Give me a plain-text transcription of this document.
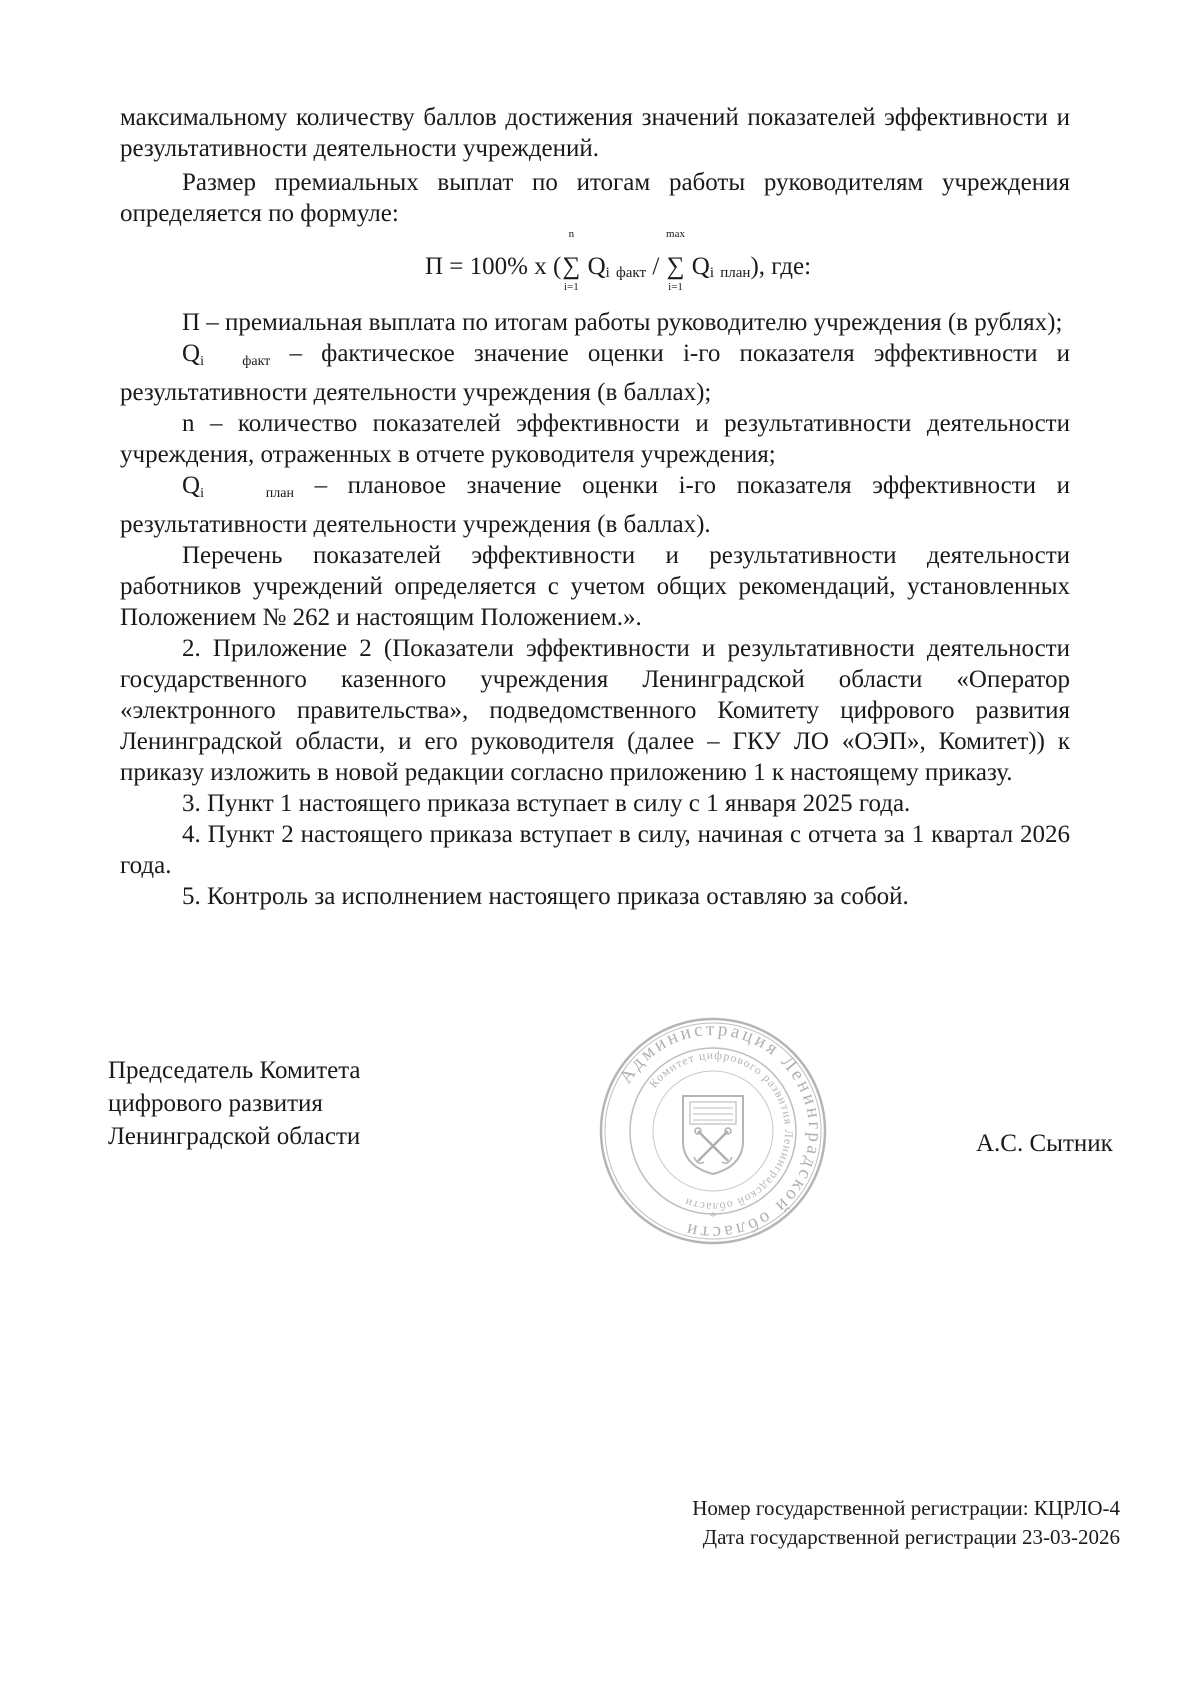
максимальному количеству баллов достижения значений показателей эффективности и результативности деятельности учреждений.

Размер премиальных выплат по итогам работы руководителям учреждения определяется по формуле:

П = 100% x (
n
∑
i=1
Qi факт /
max
∑
i=1
Qi план), где:

П – премиальная выплата по итогам работы руководителю учреждения (в рублях);

Qi	факт – фактическое значение оценки i-го показателя эффективности и результативности деятельности учреждения (в баллах);

n – количество показателей эффективности и результативности деятельности учреждения, отраженных в отчете руководителя учреждения;

Qi	план – плановое значение оценки i-го показателя эффективности и результативности деятельности учреждения (в баллах).

Перечень показателей эффективности и результативности деятельности работников учреждений определяется с учетом общих рекомендаций, установленных Положением № 262 и настоящим Положением.».

2. Приложение 2 (Показатели эффективности и результативности деятельности государственного казенного учреждения Ленинградской области «Оператор «электронного правительства», подведомственного Комитету цифрового развития Ленинградской области, и его руководителя (далее – ГКУ ЛО «ОЭП», Комитет)) к приказу изложить в новой редакции согласно приложению 1 к настоящему приказу.

3. Пункт 1 настоящего приказа вступает в силу с 1 января 2025 года.

4. Пункт 2 настоящего приказа вступает в силу, начиная с отчета за 1 квартал 2026 года.

5. Контроль за исполнением настоящего приказа оставляю за собой.

Председатель Комитета
цифрового развития
Ленинградской области
Администрация Ленинградской области
Комитет цифрового развития Ленинградской области
*
А.С. Сытник
Номер государственной регистрации: КЦРЛО-4
Дата государственной регистрации 23-03-2026
